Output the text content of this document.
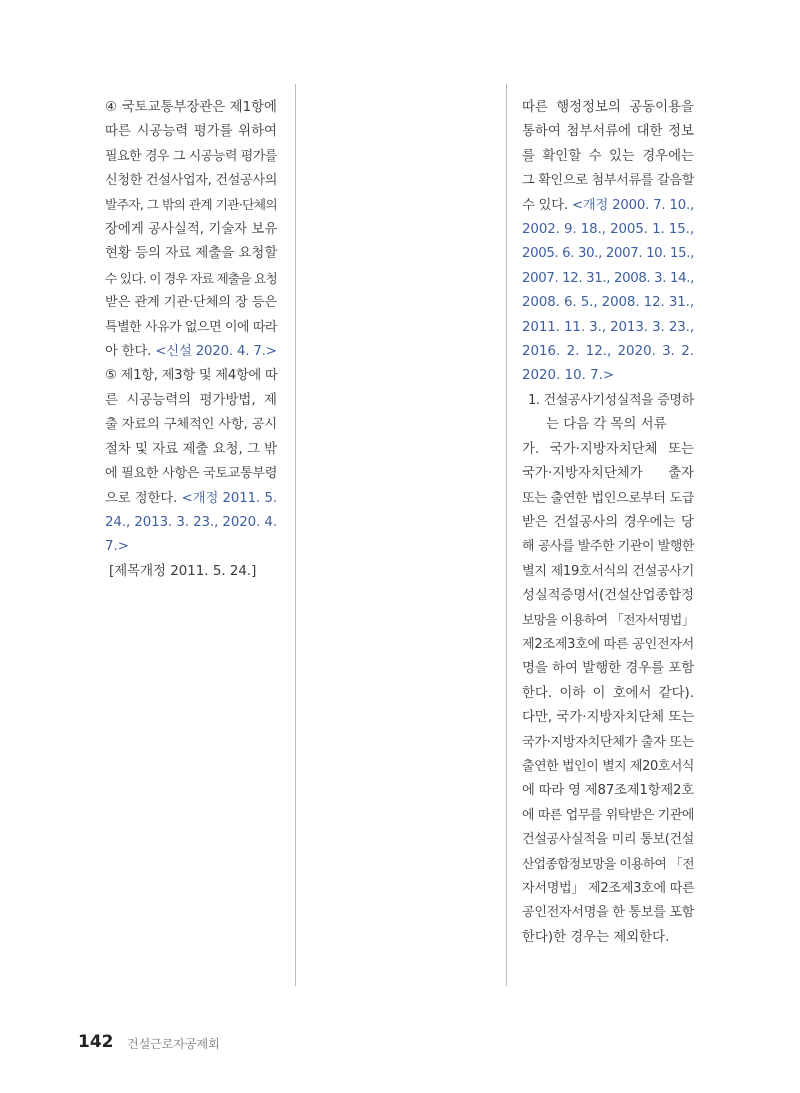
④ 국토교통부장관은 제1항에

따른 시공능력 평가를 위하여

필요한 경우 그 시공능력 평가를

신청한 건설사업자, 건설공사의

발주자, 그 밖의 관계 기관·단체의

장에게 공사실적, 기술자 보유

현황 등의 자료 제출을 요청할

수 있다. 이 경우 자료 제출을 요청

받은 관계 기관·단체의 장 등은

특별한 사유가 없으면 이에 따라

아 한다. <신설 2020. 4. 7.>

⑤ 제1항, 제3항 및 제4항에 따

른 시공능력의 평가방법, 제

출 자료의 구체적인 사항, 공시

절차 및 자료 제출 요청, 그 밖

에 필요한 사항은 국토교통부령

으로 정한다. <개정 2011. 5.

24., 2013. 3. 23., 2020. 4.

7.>

[제목개정 2011. 5. 24.]

따른 행정정보의 공동이용을

통하여 첨부서류에 대한 정보

를 확인할 수 있는 경우에는

그 확인으로 첨부서류를 갈음할

수 있다. <개정 2000. 7. 10.,

2002. 9. 18., 2005. 1. 15.,

2005. 6. 30., 2007. 10. 15.,

2007. 12. 31., 2008. 3. 14.,

2008. 6. 5., 2008. 12. 31.,

2011. 11. 3., 2013. 3. 23.,

2016. 2. 12., 2020. 3. 2.

2020. 10. 7.>

1. 건설공사기성실적을 증명하

는 다음 각 목의 서류

가. 국가·지방자치단체 또는

국가·지방자치단체가 출자

또는 출연한 법인으로부터 도급

받은 건설공사의 경우에는 당

해 공사를 발주한 기관이 발행한

별지 제19호서식의 건설공사기

성실적증명서(건설산업종합정

보망을 이용하여 「전자서명법」

제2조제3호에 따른 공인전자서

명을 하여 발행한 경우를 포함

한다. 이하 이 호에서 같다).

다만, 국가·지방자치단체 또는

국가·지방자치단체가 출자 또는

출연한 법인이 별지 제20호서식

에 따라 영 제87조제1항제2호

에 따른 업무를 위탁받은 기관에

건설공사실적을 미리 통보(건설

산업종합정보망을 이용하여 「전

자서명법」 제2조제3호에 따른

공인전자서명을 한 통보를 포함

한다)한 경우는 제외한다.

142 건설근로자공제회
